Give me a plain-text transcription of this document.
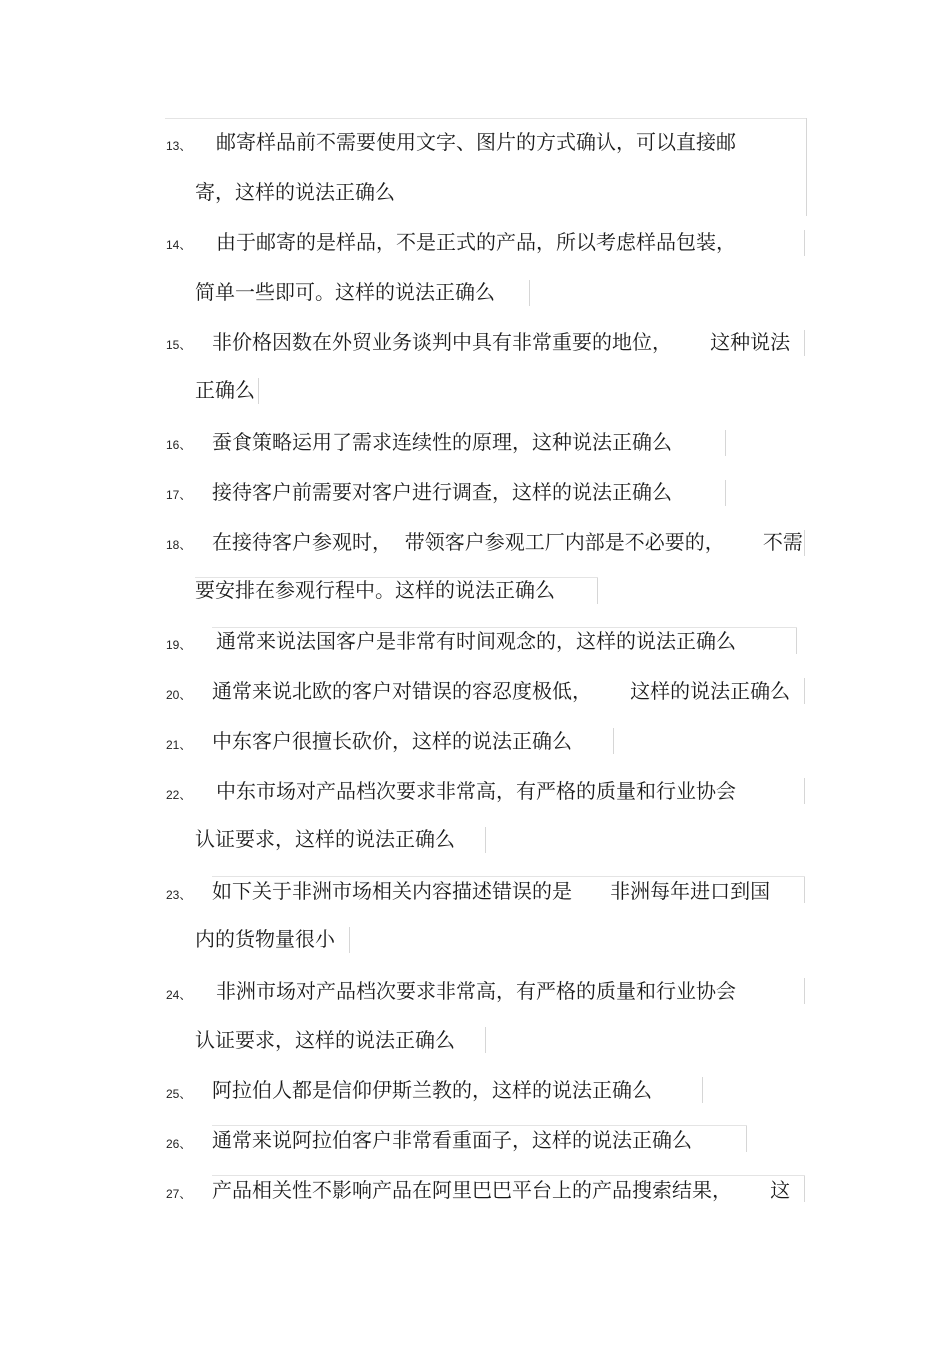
13、 邮寄样品前不需要使用文字、图片的方式确认，可以直接邮
寄，这样的说法正确么
14、 由于邮寄的是样品，不是正式的产品，所以考虑样品包装，
简单一些即可。这样的说法正确么
15、 非价格因数在外贸业务谈判中具有非常重要的地位，      这种说法
正确么
16、 蚕食策略运用了需求连续性的原理，这种说法正确么
17、 接待客户前需要对客户进行调查，这样的说法正确么
18、 在接待客户参观时，  带领客户参观工厂内部是不必要的，      不需
要安排在参观行程中。这样的说法正确么
19、 通常来说法国客户是非常有时间观念的，这样的说法正确么
20、 通常来说北欧的客户对错误的容忍度极低，      这样的说法正确么
21、 中东客户很擅长砍价，这样的说法正确么
22、 中东市场对产品档次要求非常高，有严格的质量和行业协会
认证要求，这样的说法正确么
23、 如下关于非洲市场相关内容描述错误的是      非洲每年进口到国
内的货物量很小
24、 非洲市场对产品档次要求非常高，有严格的质量和行业协会
认证要求，这样的说法正确么
25、 阿拉伯人都是信仰伊斯兰教的，这样的说法正确么
26、 通常来说阿拉伯客户非常看重面子，这样的说法正确么
27、 产品相关性不影响产品在阿里巴巴平台上的产品搜索结果，      这
